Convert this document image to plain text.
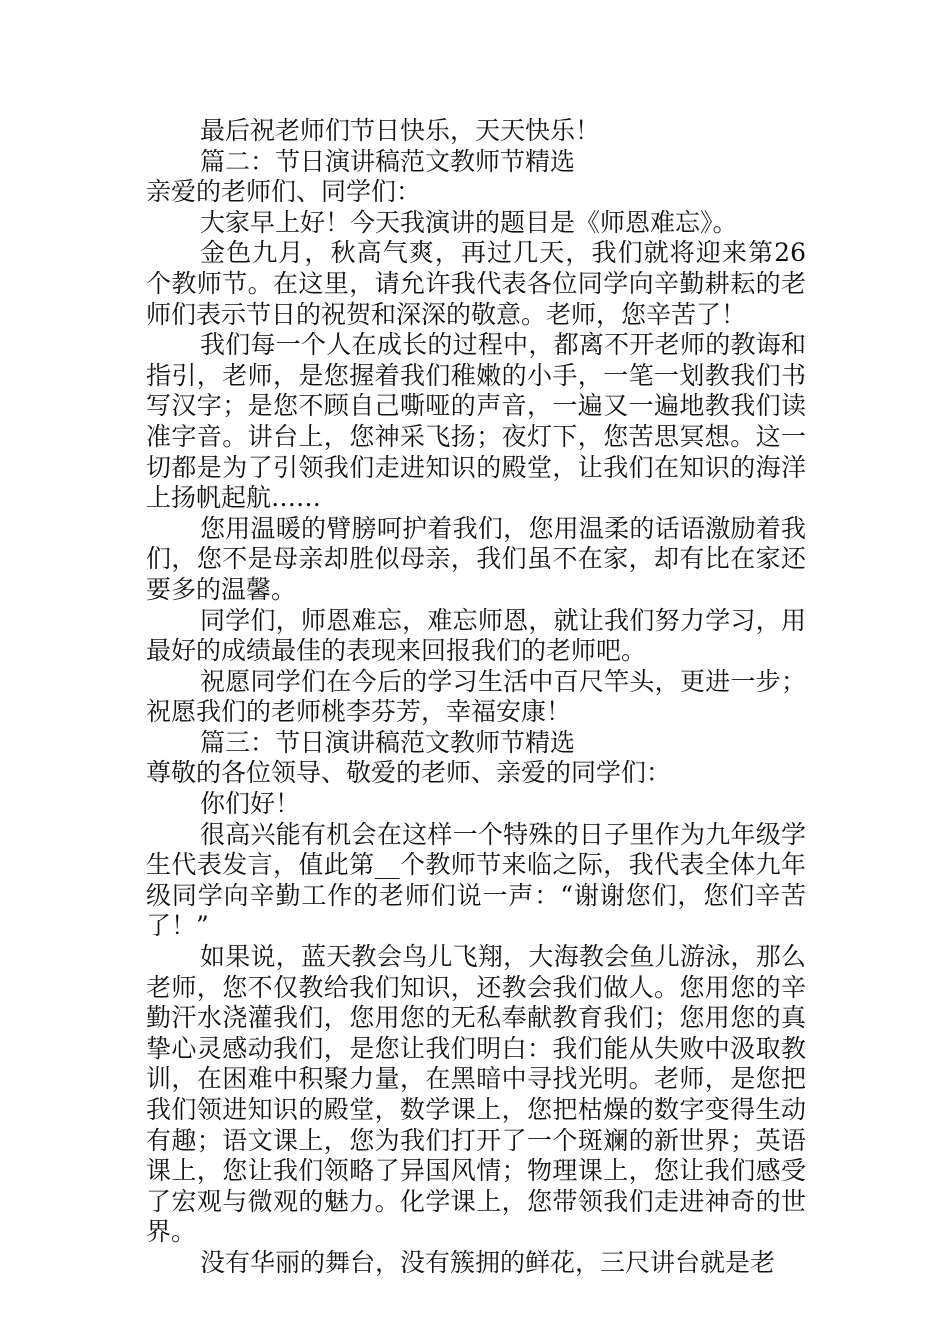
最后祝老师们节日快乐，天天快乐！

篇二：节日演讲稿范文教师节精选

亲爱的老师们、同学们：

大家早上好！今天我演讲的题目是《师恩难忘》。

金色九月，秋高气爽，再过几天，我们就将迎来第26个教师节。在这里，请允许我代表各位同学向辛勤耕耘的老师们表示节日的祝贺和深深的敬意。老师，您辛苦了！

我们每一个人在成长的过程中，都离不开老师的教诲和指引，老师，是您握着我们稚嫩的小手，一笔一划教我们书写汉字；是您不顾自己嘶哑的声音，一遍又一遍地教我们读准字音。讲台上，您神采飞扬；夜灯下，您苦思冥想。这一切都是为了引领我们走进知识的殿堂，让我们在知识的海洋上扬帆起航……

您用温暖的臂膀呵护着我们，您用温柔的话语激励着我们，您不是母亲却胜似母亲，我们虽不在家，却有比在家还要多的温馨。

同学们，师恩难忘，难忘师恩，就让我们努力学习，用最好的成绩最佳的表现来回报我们的老师吧。

祝愿同学们在今后的学习生活中百尺竿头，更进一步；祝愿我们的老师桃李芬芳，幸福安康！

篇三：节日演讲稿范文教师节精选

尊敬的各位领导、敬爱的老师、亲爱的同学们：

你们好！

很高兴能有机会在这样一个特殊的日子里作为九年级学生代表发言，值此第__个教师节来临之际，我代表全体九年级同学向辛勤工作的老师们说一声：“谢谢您们，您们辛苦了！”

如果说，蓝天教会鸟儿飞翔，大海教会鱼儿游泳，那么老师，您不仅教给我们知识，还教会我们做人。您用您的辛勤汗水浇灌我们，您用您的无私奉献教育我们；您用您的真挚心灵感动我们，是您让我们明白：我们能从失败中汲取教训，在困难中积聚力量，在黑暗中寻找光明。老师，是您把我们领进知识的殿堂，数学课上，您把枯燥的数字变得生动有趣；语文课上，您为我们打开了一个斑斓的新世界；英语课上，您让我们领略了异国风情；物理课上，您让我们感受了宏观与微观的魅力。化学课上，您带领我们走进神奇的世界。

没有华丽的舞台，没有簇拥的鲜花，三尺讲台就是老
